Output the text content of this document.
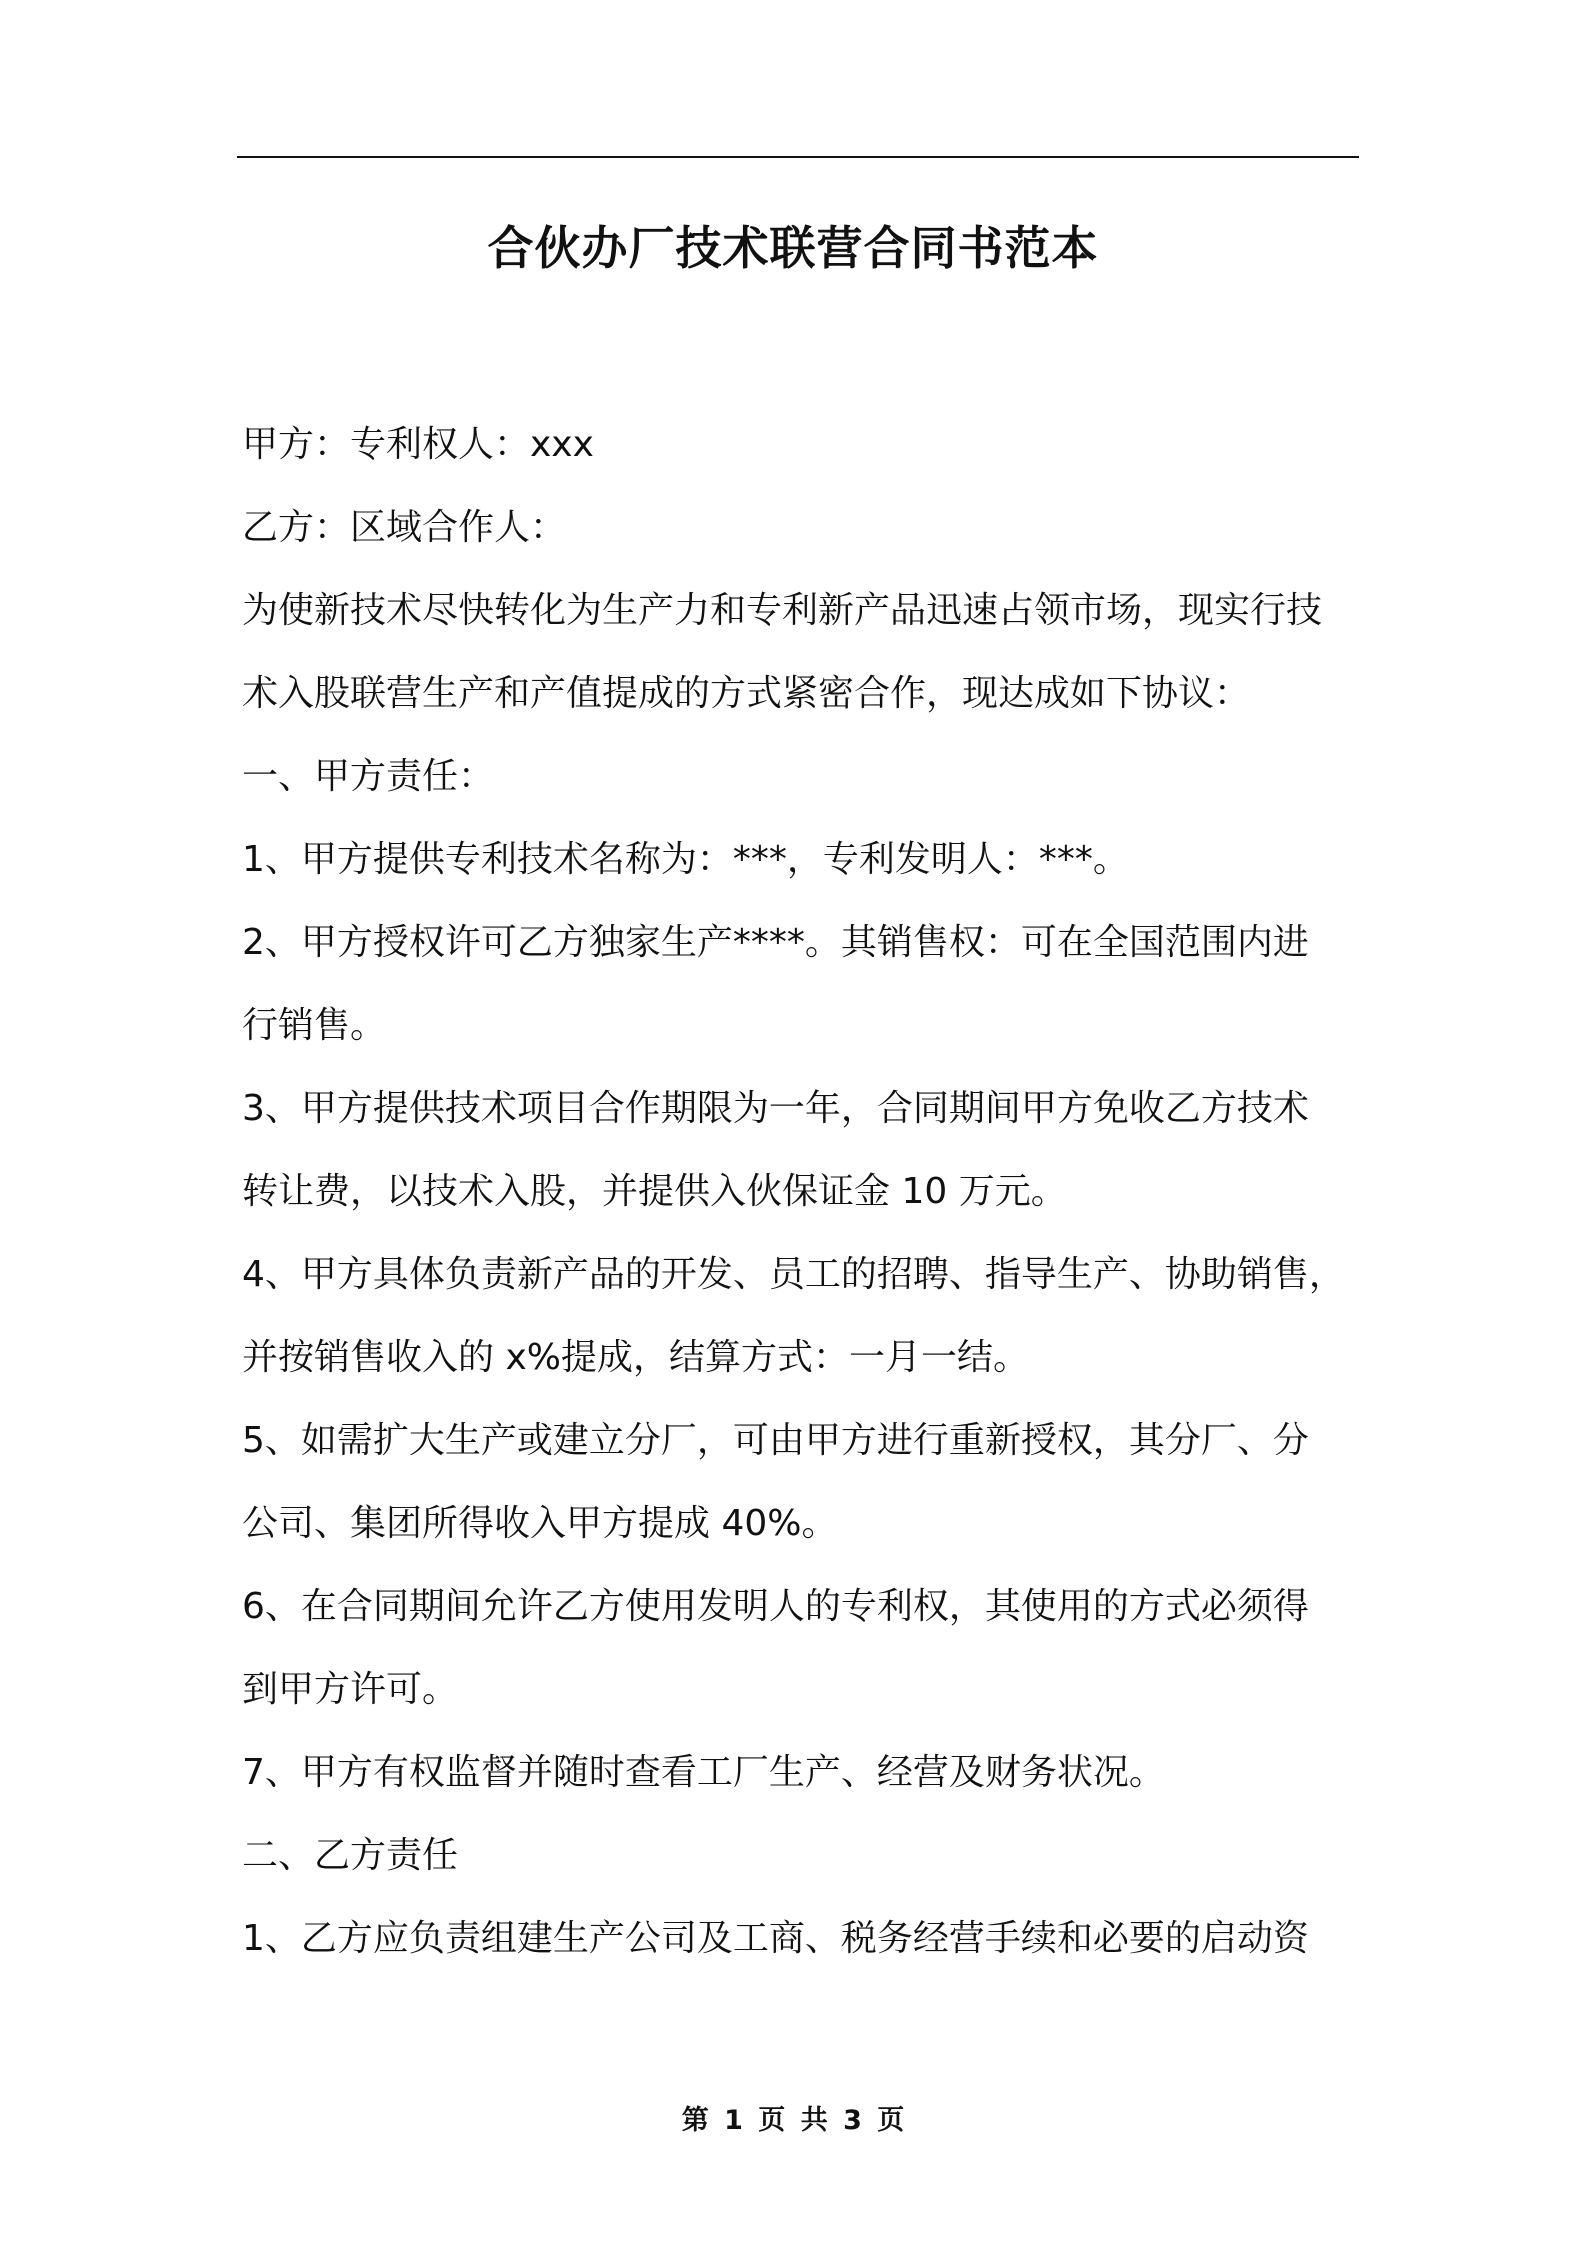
合伙办厂技术联营合同书范本

甲方：专利权人：xxx

乙方：区域合作人：

为使新技术尽快转化为生产力和专利新产品迅速占领市场，现实行技

术入股联营生产和产值提成的方式紧密合作，现达成如下协议：

一、甲方责任：

1、甲方提供专利技术名称为：***，专利发明人：***。

2、甲方授权许可乙方独家生产****。其销售权：可在全国范围内进

行销售。

3、甲方提供技术项目合作期限为一年，合同期间甲方免收乙方技术

转让费，以技术入股，并提供入伙保证金 10 万元。

4、甲方具体负责新产品的开发、员工的招聘、指导生产、协助销售，

并按销售收入的 x%提成，结算方式：一月一结。

5、如需扩大生产或建立分厂，可由甲方进行重新授权，其分厂、分

公司、集团所得收入甲方提成 40%。

6、在合同期间允许乙方使用发明人的专利权，其使用的方式必须得

到甲方许可。

7、甲方有权监督并随时查看工厂生产、经营及财务状况。

二、乙方责任

1、乙方应负责组建生产公司及工商、税务经营手续和必要的启动资

第 1 页 共 3 页
